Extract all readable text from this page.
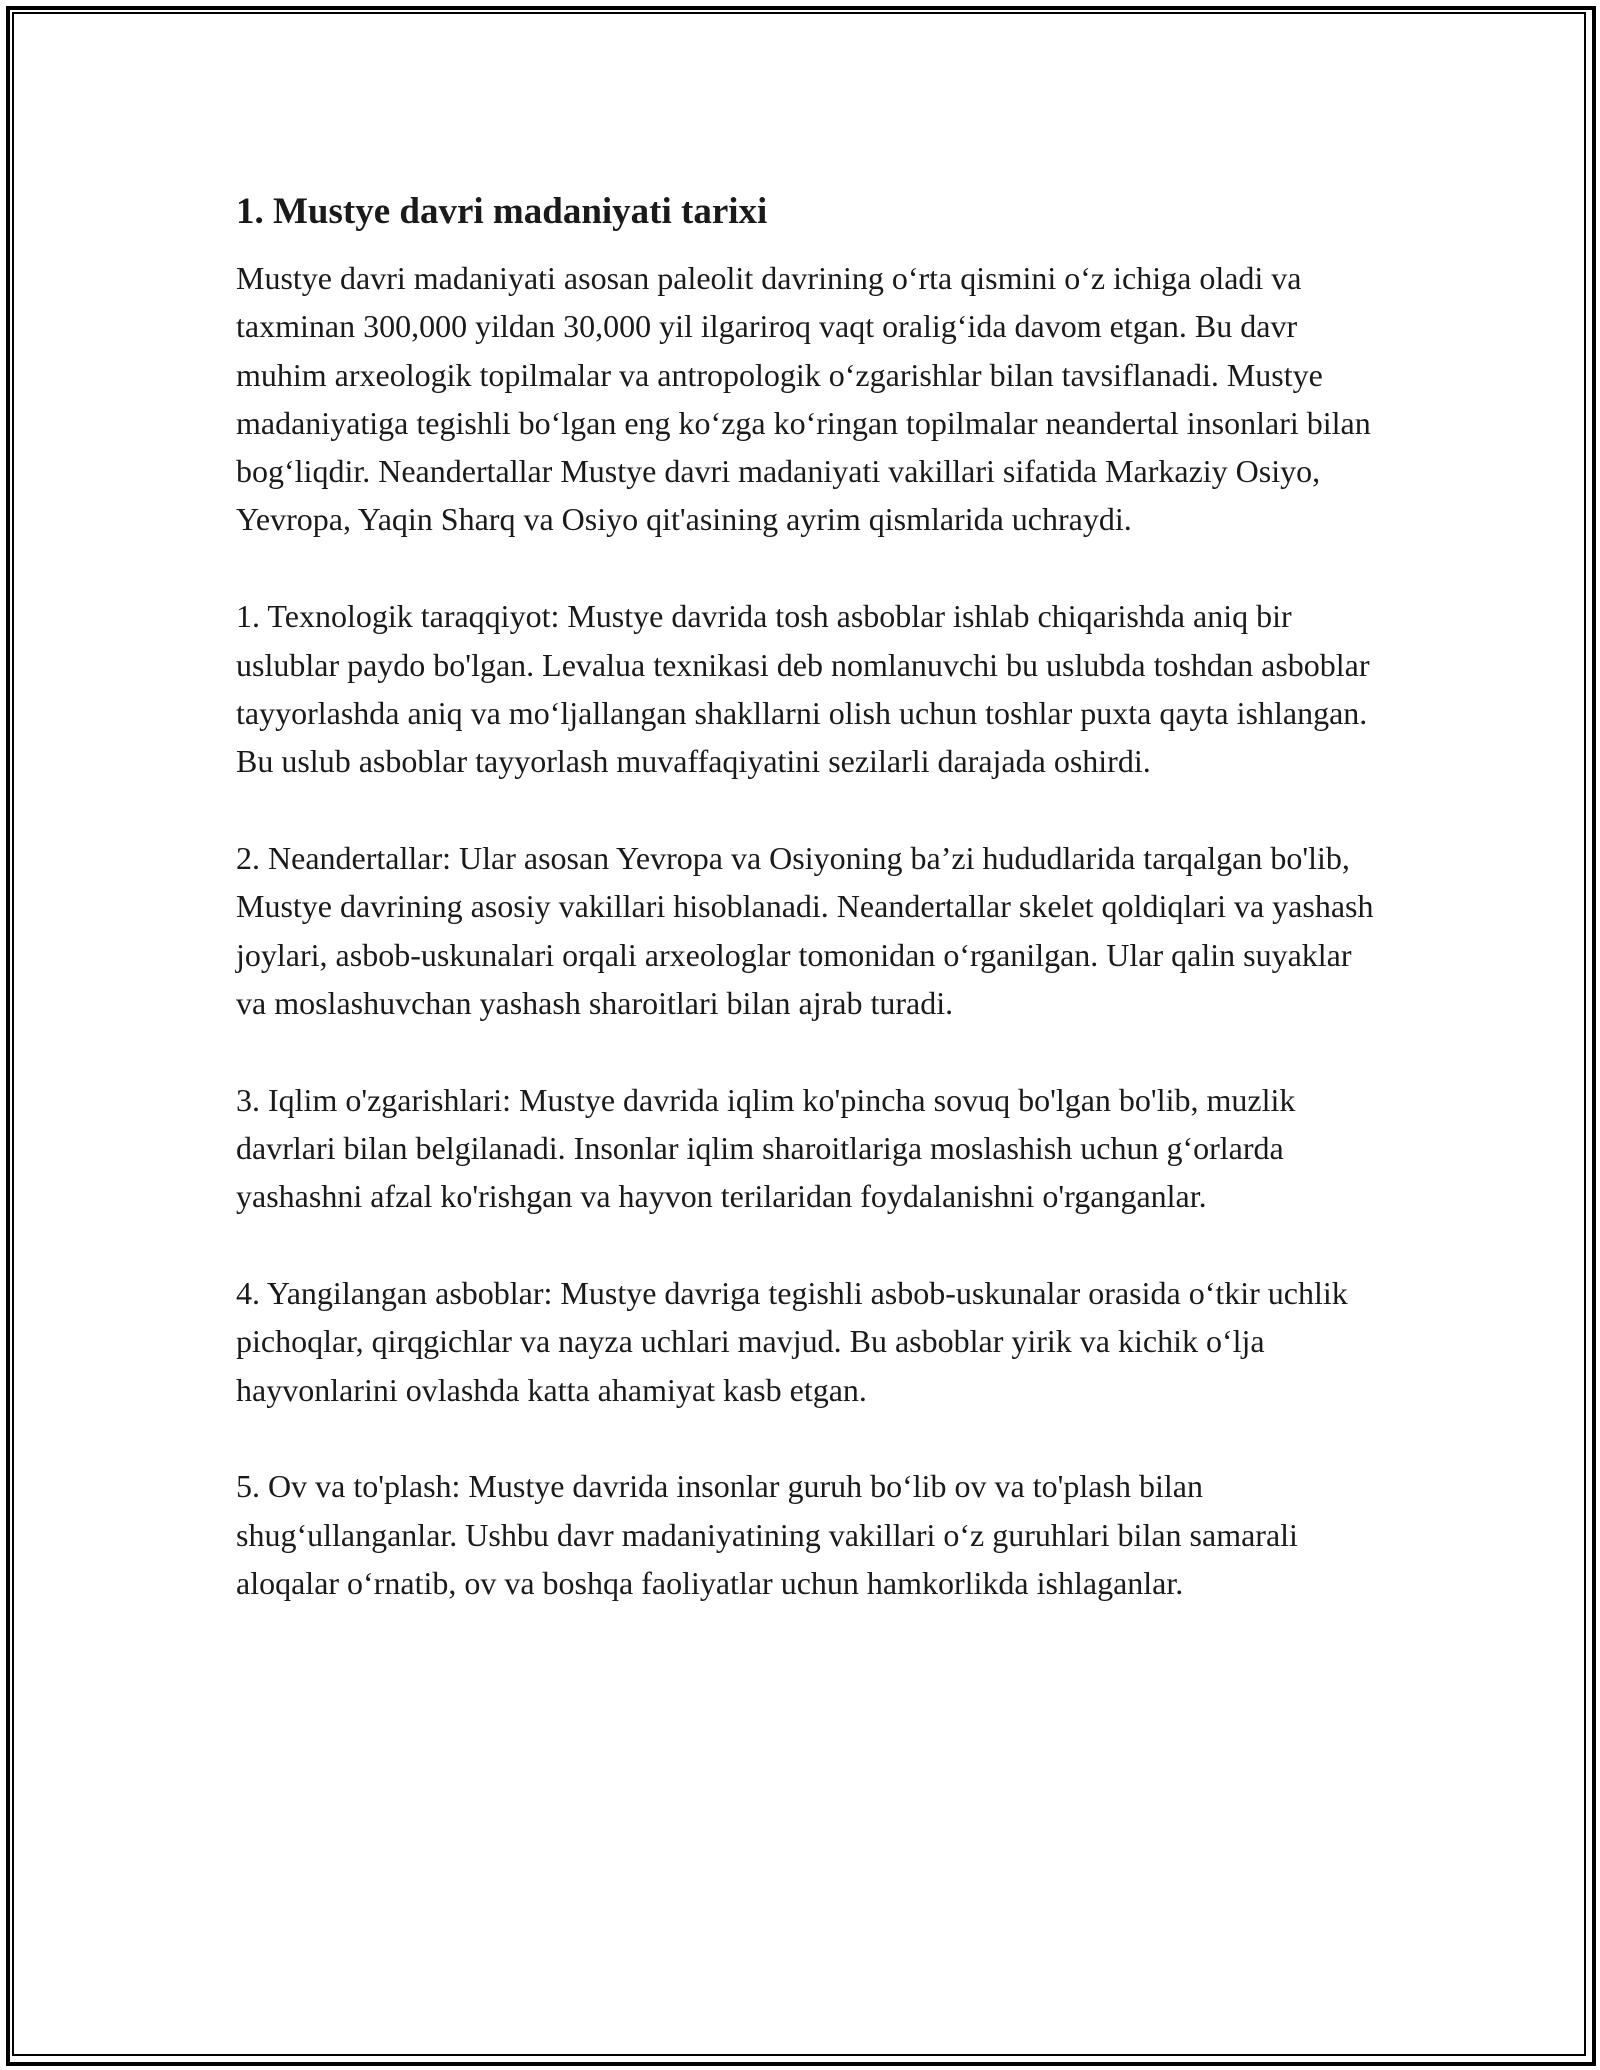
1. Mustye davri madaniyati tarixi

Mustye davri madaniyati asosan paleolit davrining o‘rta qismini o‘z ichiga oladi va taxminan 300,000 yildan 30,000 yil ilgariroq vaqt oralig‘ida davom etgan. Bu davr muhim arxeologik topilmalar va antropologik o‘zgarishlar bilan tavsiflanadi. Mustye madaniyatiga tegishli bo‘lgan eng ko‘zga ko‘ringan topilmalar neandertal insonlari bilan bog‘liqdir. Neandertallar Mustye davri madaniyati vakillari sifatida Markaziy Osiyo, Yevropa, Yaqin Sharq va Osiyo qit'asining ayrim qismlarida uchraydi.

1. Texnologik taraqqiyot: Mustye davrida tosh asboblar ishlab chiqarishda aniq bir uslublar paydo bo'lgan. Levalua texnikasi deb nomlanuvchi bu uslubda toshdan asboblar tayyorlashda aniq va mo‘ljallangan shakllarni olish uchun toshlar puxta qayta ishlangan. Bu uslub asboblar tayyorlash muvaffaqiyatini sezilarli darajada oshirdi.

2. Neandertallar: Ular asosan Yevropa va Osiyoning ba’zi hududlarida tarqalgan bo'lib, Mustye davrining asosiy vakillari hisoblanadi. Neandertallar skelet qoldiqlari va yashash joylari, asbob-uskunalari orqali arxeologlar tomonidan o‘rganilgan. Ular qalin suyaklar va moslashuvchan yashash sharoitlari bilan ajrab turadi.

3. Iqlim o'zgarishlari: Mustye davrida iqlim ko'pincha sovuq bo'lgan bo'lib, muzlik davrlari bilan belgilanadi. Insonlar iqlim sharoitlariga moslashish uchun g‘orlarda yashashni afzal ko'rishgan va hayvon terilaridan foydalanishni o'rganganlar.

4. Yangilangan asboblar: Mustye davriga tegishli asbob-uskunalar orasida o‘tkir uchlik pichoqlar, qirqgichlar va nayza uchlari mavjud. Bu asboblar yirik va kichik o‘lja hayvonlarini ovlashda katta ahamiyat kasb etgan.

5. Ov va to'plash: Mustye davrida insonlar guruh bo‘lib ov va to'plash bilan shug‘ullanganlar. Ushbu davr madaniyatining vakillari o‘z guruhlari bilan samarali aloqalar o‘rnatib, ov va boshqa faoliyatlar uchun hamkorlikda ishlaganlar.
